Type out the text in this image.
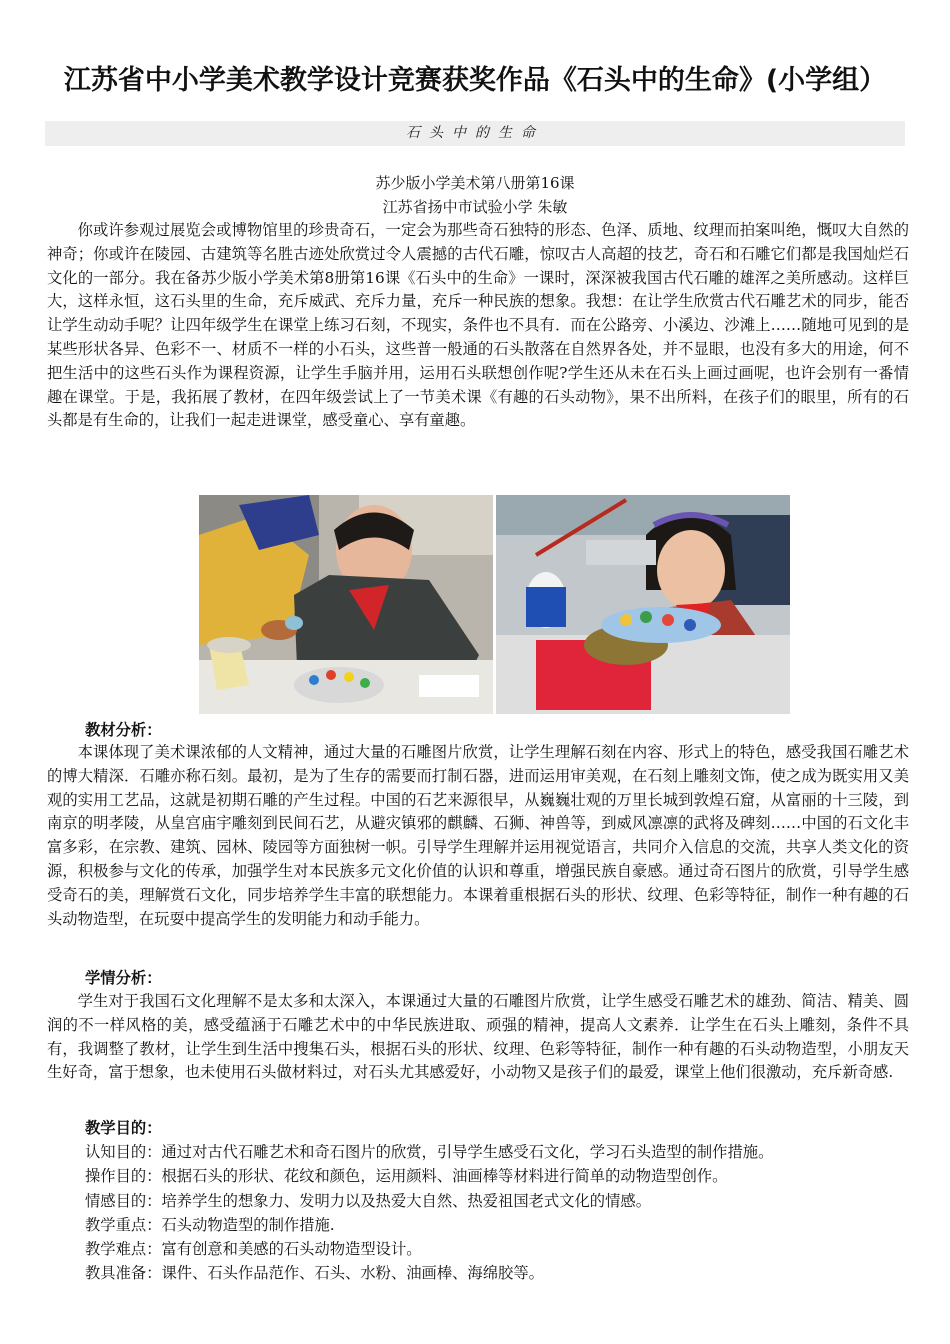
江苏省中小学美术教学设计竞赛获奖作品《石头中的生命》(小学组）
石头中的生命
苏少版小学美术第八册第16课
江苏省扬中市试验小学 朱敏

你或许参观过展览会或博物馆里的珍贵奇石，一定会为那些奇石独特的形态、色泽、质地、纹理而拍案叫绝，慨叹大自然的神奇；你或许在陵园、古建筑等名胜古迹处欣赏过令人震撼的古代石雕，惊叹古人高超的技艺，奇石和石雕它们都是我国灿烂石文化的一部分。我在备苏少版小学美术第8册第16课《石头中的生命》一课时，深深被我国古代石雕的雄浑之美所感动。这样巨大，这样永恒，这石头里的生命，充斥威武、充斥力量，充斥一种民族的想象。我想：在让学生欣赏古代石雕艺术的同步，能否让学生动动手呢？让四年级学生在课堂上练习石刻，不现实，条件也不具有．而在公路旁、小溪边、沙滩上……随地可见到的是某些形状各异、色彩不一、材质不一样的小石头，这些普一般通的石头散落在自然界各处，并不显眼，也没有多大的用途，何不把生活中的这些石头作为课程资源，让学生手脑并用，运用石头联想创作呢?学生还从未在石头上画过画呢，也许会别有一番情趣在课堂。于是，我拓展了教材，在四年级尝试上了一节美术课《有趣的石头动物》，果不出所料，在孩子们的眼里，所有的石头都是有生命的，让我们一起走进课堂，感受童心、享有童趣。

教材分析：

本课体现了美术课浓郁的人文精神，通过大量的石雕图片欣赏，让学生理解石刻在内容、形式上的特色，感受我国石雕艺术的博大精深．石雕亦称石刻。最初，是为了生存的需要而打制石器，进而运用审美观，在石刻上雕刻文饰，使之成为既实用又美观的实用工艺品，这就是初期石雕的产生过程。中国的石艺来源很早，从巍巍壮观的万里长城到敦煌石窟，从富丽的十三陵，到南京的明孝陵，从皇宫庙宇雕刻到民间石艺，从避灾镇邪的麒麟、石狮、神兽等，到威风凛凛的武将及碑刻……中国的石文化丰富多彩，在宗教、建筑、园林、陵园等方面独树一帜。引导学生理解并运用视觉语言，共同介入信息的交流，共享人类文化的资源，积极参与文化的传承，加强学生对本民族多元文化价值的认识和尊重，增强民族自豪感。通过奇石图片的欣赏，引导学生感受奇石的美，理解赏石文化，同步培养学生丰富的联想能力。本课着重根据石头的形状、纹理、色彩等特征，制作一种有趣的石头动物造型，在玩耍中提高学生的发明能力和动手能力。

学情分析：

学生对于我国石文化理解不是太多和太深入，本课通过大量的石雕图片欣赏，让学生感受石雕艺术的雄劲、简洁、精美、圆润的不一样风格的美，感受蕴涵于石雕艺术中的中华民族进取、顽强的精神，提高人文素养．让学生在石头上雕刻，条件不具有，我调整了教材，让学生到生活中搜集石头，根据石头的形状、纹理、色彩等特征，制作一种有趣的石头动物造型，小朋友天生好奇，富于想象，也未使用石头做材料过，对石头尤其感爱好，小动物又是孩子们的最爱，课堂上他们很激动，充斥新奇感.

教学目的：
认知目的：通过对古代石雕艺术和奇石图片的欣赏，引导学生感受石文化，学习石头造型的制作措施。
操作目的：根据石头的形状、花纹和颜色，运用颜料、油画棒等材料进行简单的动物造型创作。
情感目的：培养学生的想象力、发明力以及热爱大自然、热爱祖国老式文化的情感。
教学重点：石头动物造型的制作措施.
教学难点：富有创意和美感的石头动物造型设计。
教具准备：课件、石头作品范作、石头、水粉、油画棒、海绵胶等。
